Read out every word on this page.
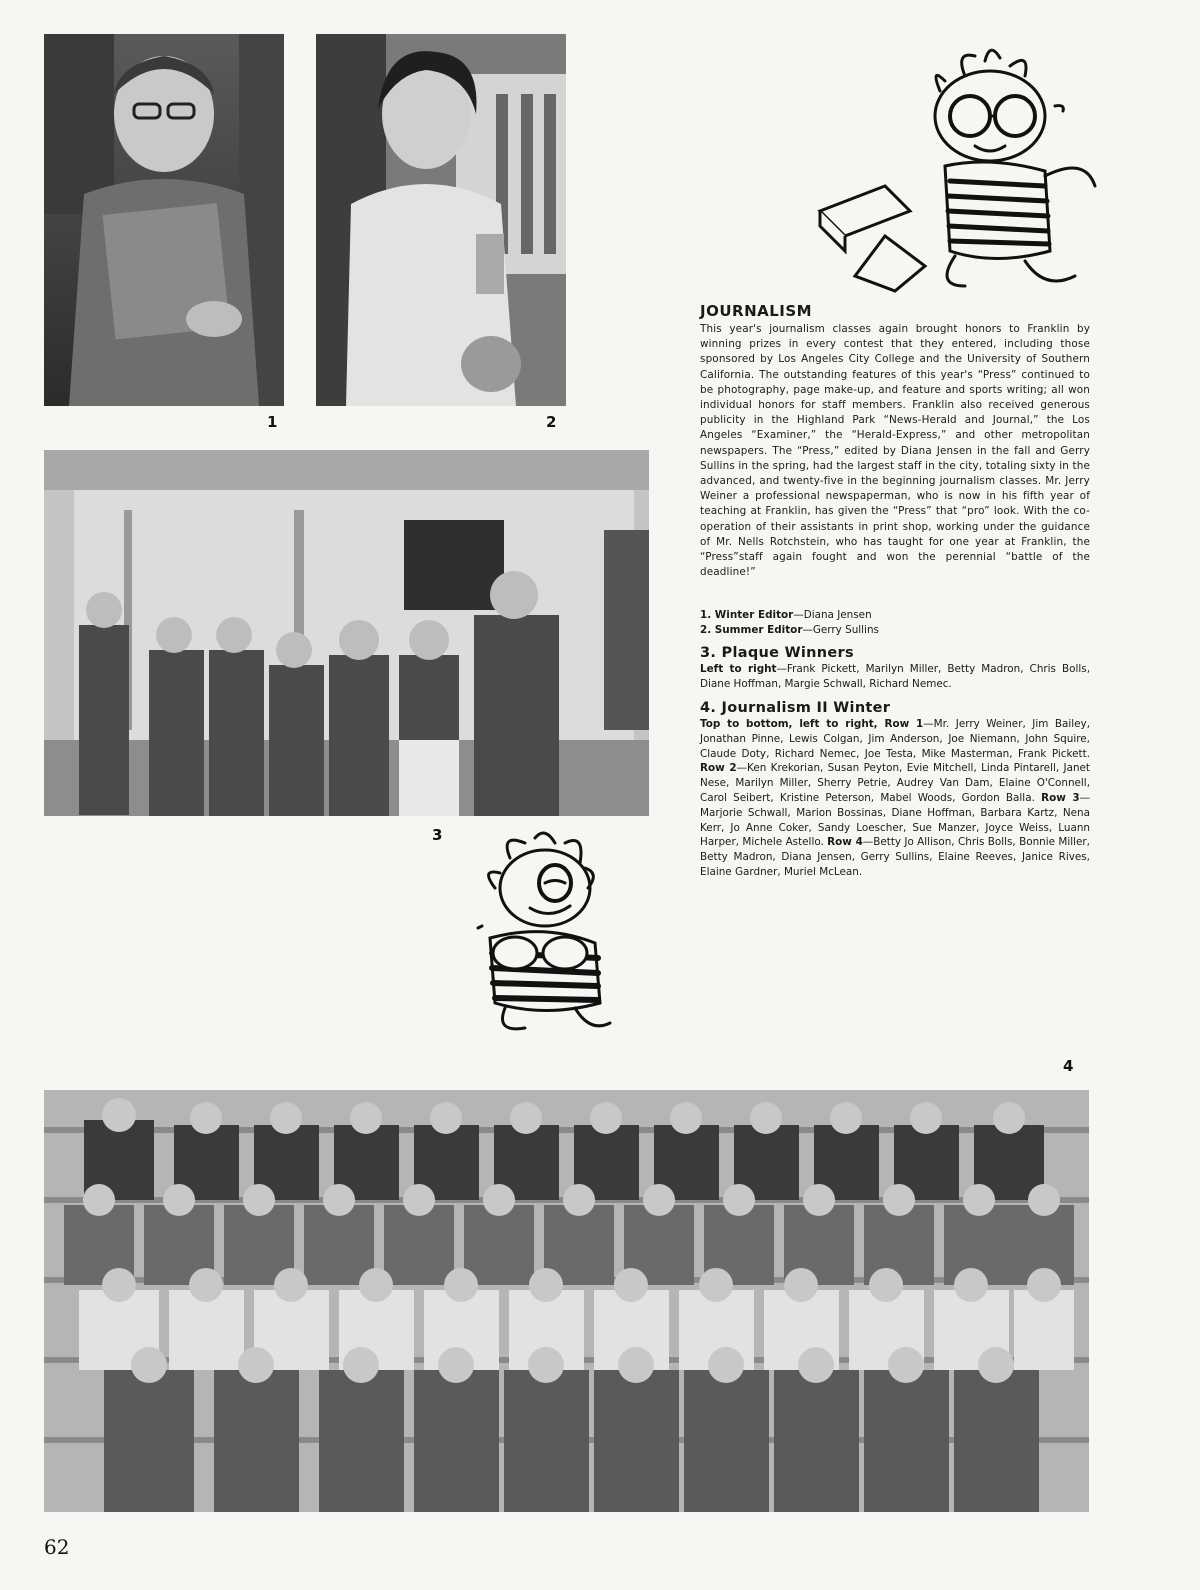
1	2
JOURNALISM

This year's journalism classes again brought honors to Franklin by winning prizes in every contest that they entered, including those sponsored by Los Angeles City College and the University of Southern California. The outstanding features of this year's “Press” continued to be photography, page make-up, and feature and sports writing; all won individual honors for staff members. Franklin also received generous publicity in the Highland Park “News-Herald and Journal,” the Los Angeles “Examiner,” the “Herald-Express,” and other metropolitan newspapers. The “Press,” edited by Diana Jensen in the fall and Gerry Sullins in the spring, had the largest staff in the city, totaling sixty in the advanced, and twenty-five in the beginning journalism classes. Mr. Jerry Weiner a professional newspaperman, who is now in his fifth year of teaching at Franklin, has given the “Press” that “pro” look. With the co-operation of their assistants in print shop, working under the guidance of Mr. Nells Rotchstein, who has taught for one year at Franklin, the “Press”staff again fought and won the perennial “battle of the deadline!”

1. Winter Editor—Diana Jensen
2. Summer Editor—Gerry Sullins
3. Plaque Winners

Left to right—Frank Pickett, Marilyn Miller, Betty Madron, Chris Bolls, Diane Hoffman, Margie Schwall, Richard Nemec.

4. Journalism II Winter

Top to bottom, left to right, Row 1—Mr. Jerry Weiner, Jim Bailey, Jonathan Pinne, Lewis Colgan, Jim Anderson, Joe Niemann, John Squire, Claude Doty, Richard Nemec, Joe Testa, Mike Masterman, Frank Pickett. Row 2—Ken Krekorian, Susan Peyton, Evie Mitchell, Linda Pintarell, Janet Nese, Marilyn Miller, Sherry Petrie, Audrey Van Dam, Elaine O'Connell, Carol Seibert, Kristine Peterson, Mabel Woods, Gordon Balla. Row 3—Marjorie Schwall, Marion Bossinas, Diane Hoffman, Barbara Kartz, Nena Kerr, Jo Anne Coker, Sandy Loescher, Sue Manzer, Joyce Weiss, Luann Harper, Michele Astello. Row 4—Betty Jo Allison, Chris Bolls, Bonnie Miller, Betty Madron, Diana Jensen, Gerry Sullins, Elaine Reeves, Janice Rives, Elaine Gardner, Muriel McLean.

3
4
62
